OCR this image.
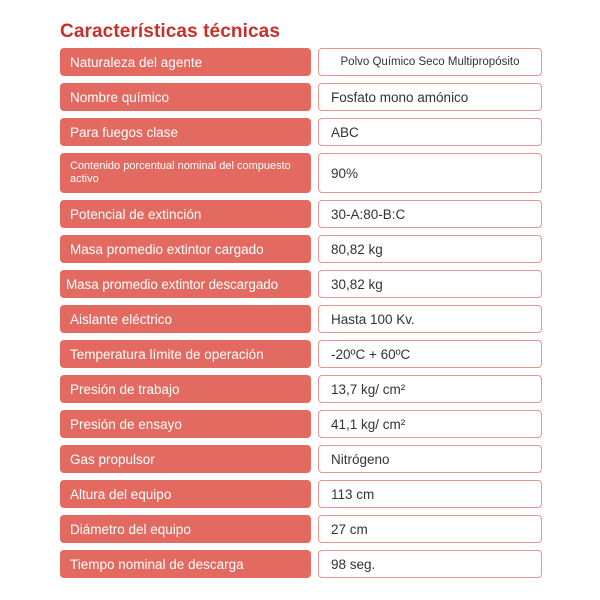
Características técnicas
Naturaleza del agente	Polvo Químico Seco Multipropósito
Nombre químico	Fosfato mono amónico
Para fuegos clase	ABC
Contenido porcentual nominal del compuesto activo	90%
Potencial de extinción	30-A:80-B:C
Masa promedio extintor cargado	80,82 kg
Masa promedio extintor descargado	30,82 kg
Aislante eléctrico	Hasta 100 Kv.
Temperatura límite de operación	-20ºC + 60ºC
Presión de trabajo	13,7 kg/ cm²
Presión de ensayo	41,1 kg/ cm²
Gas propulsor	Nitrógeno
Altura del equipo	113 cm
Diámetro del equipo	27 cm
Tiempo nominal de descarga	98 seg.
